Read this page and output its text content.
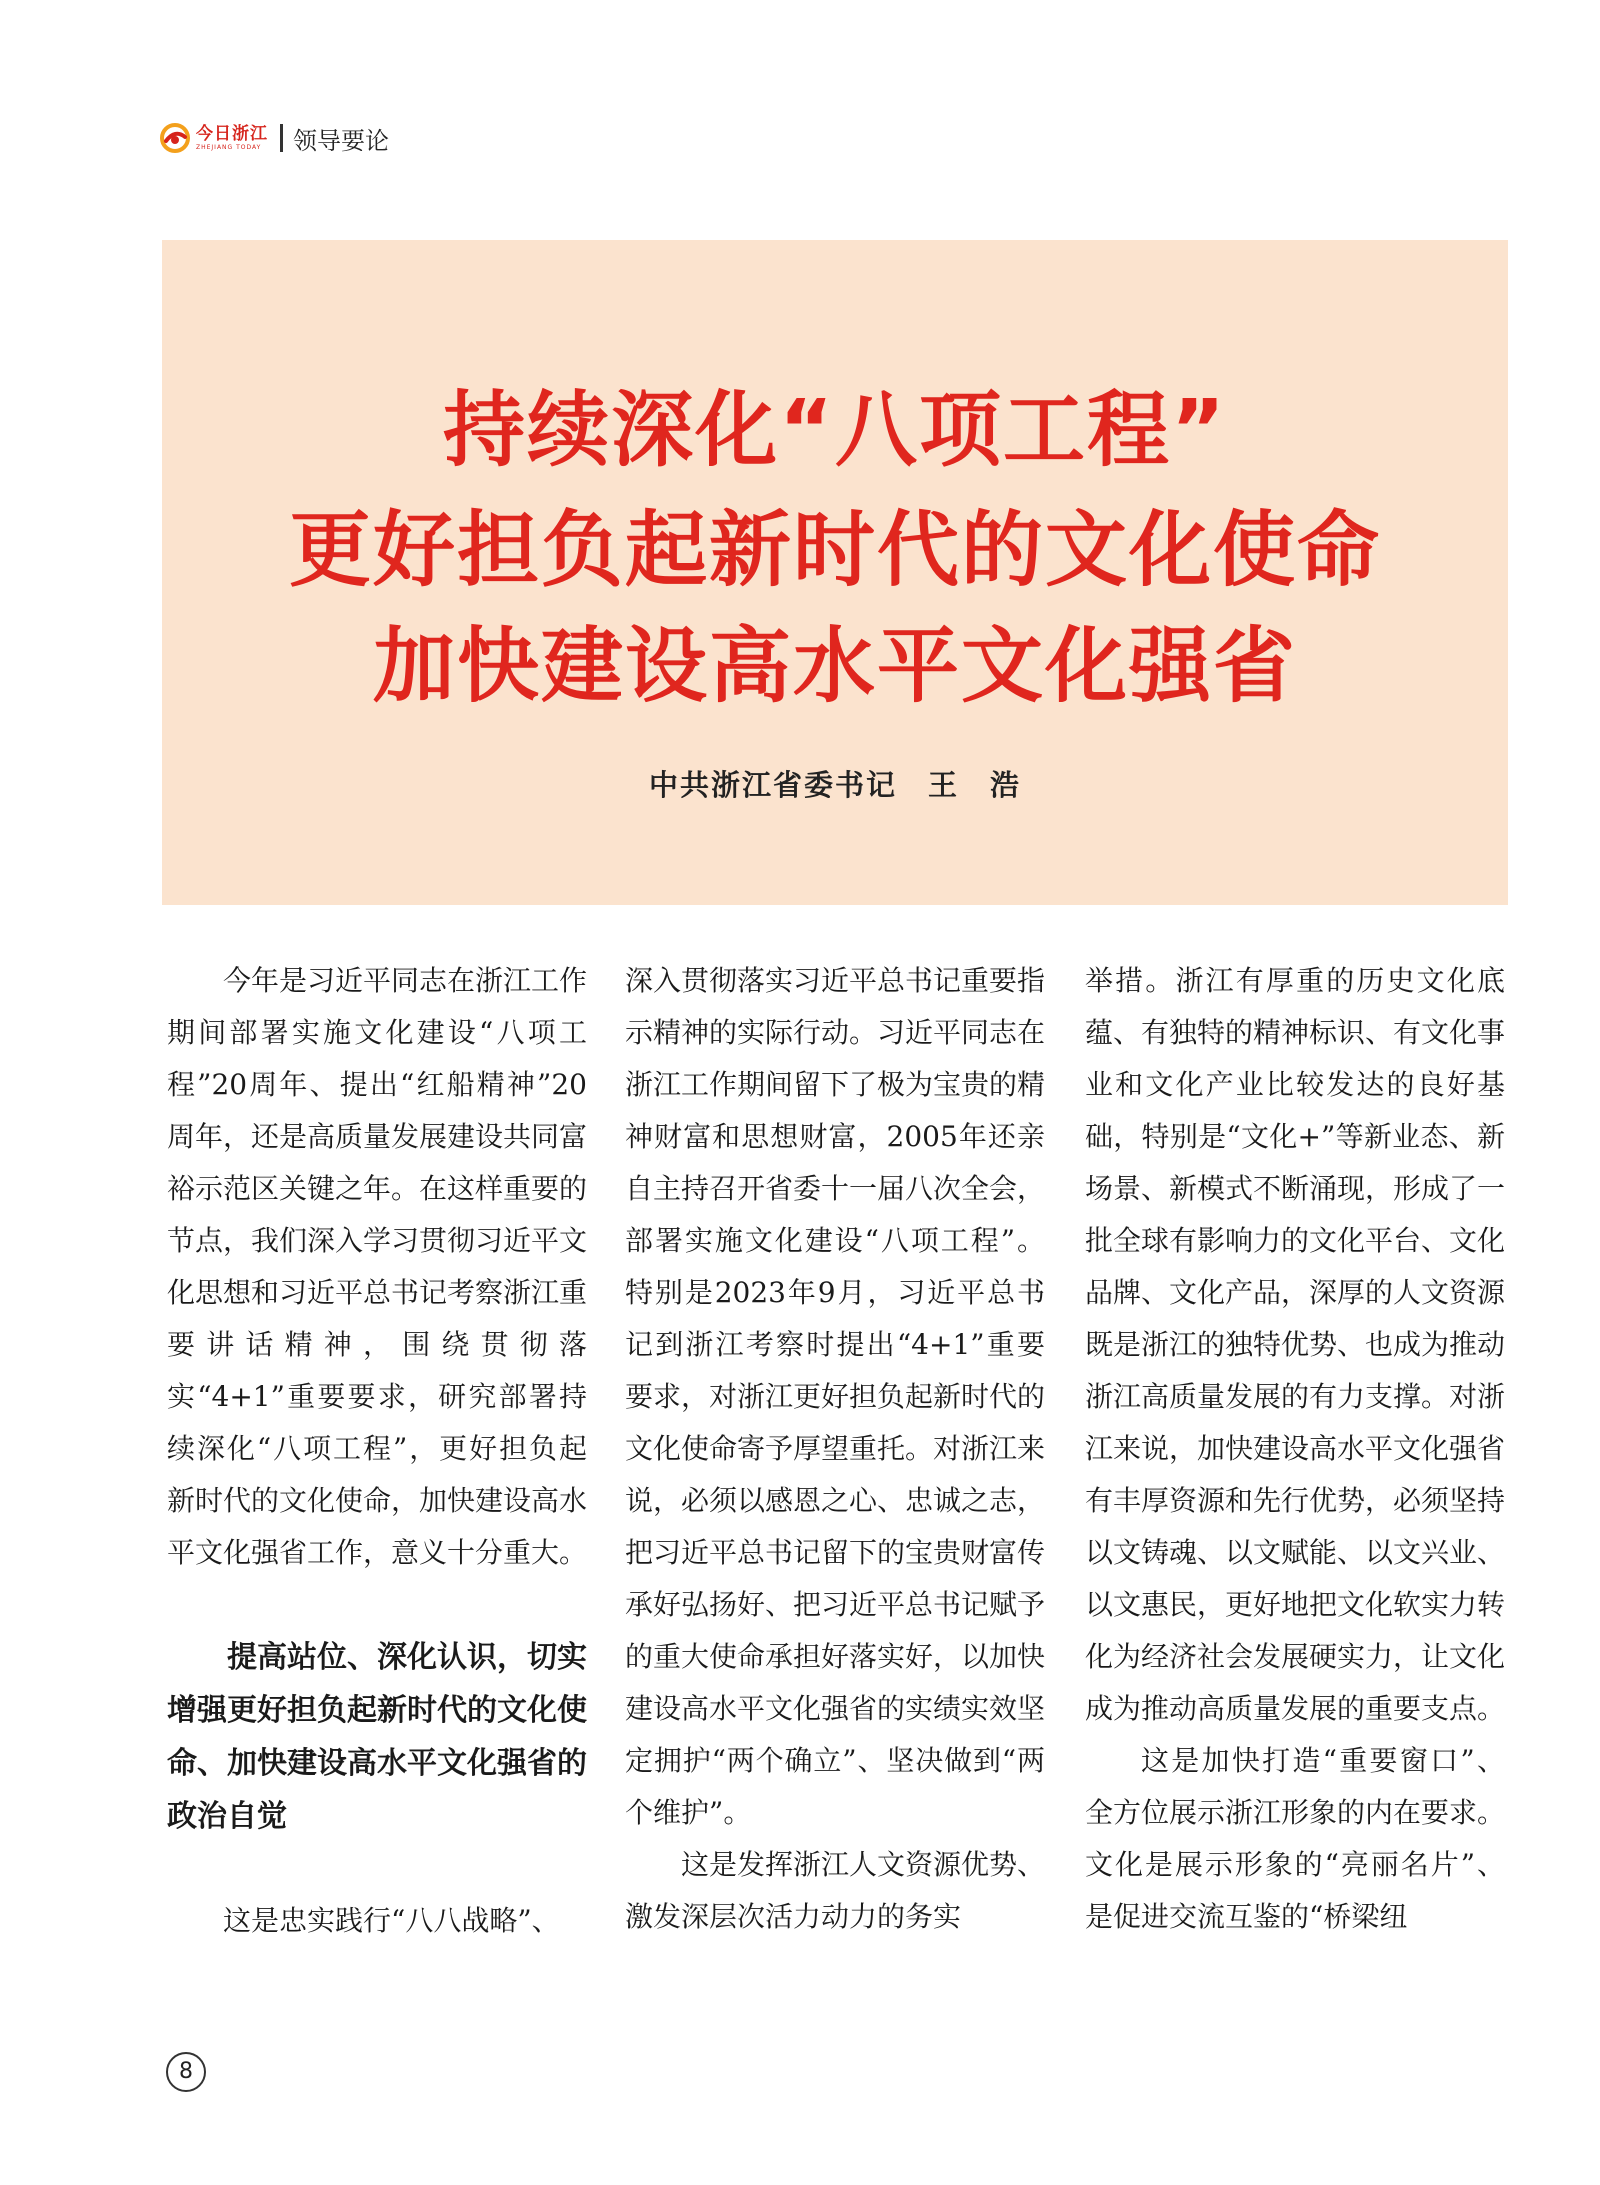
今日浙江
ZHEJIANG TODAY 领导要论
持续深化“八项工程”
更好担负起新时代的文化使命
加快建设高水平文化强省
中共浙江省委书记　王　浩

今年是习近平同志在浙江工作期间部署实施文化建设“八项工程”20周年、提出“红船精神”20周年，还是高质量发展建设共同富裕示范区关键之年。在这样重要的节点，我们深入学习贯彻习近平文化思想和习近平总书记考察浙江重要讲话精神，围绕贯彻落实“4+1”重要要求，研究部署持续深化“八项工程”，更好担负起新时代的文化使命，加快建设高水平文化强省工作，意义十分重大。

提高站位、深化认识，切实增强更好担负起新时代的文化使命、加快建设高水平文化强省的政治自觉

这是忠实践行“八八战略”、

深入贯彻落实习近平总书记重要指示精神的实际行动。习近平同志在浙江工作期间留下了极为宝贵的精神财富和思想财富，2005年还亲自主持召开省委十一届八次全会，部署实施文化建设“八项工程”。特别是2023年9月，习近平总书记到浙江考察时提出“4+1”重要要求，对浙江更好担负起新时代的文化使命寄予厚望重托。对浙江来说，必须以感恩之心、忠诚之志，把习近平总书记留下的宝贵财富传承好弘扬好、把习近平总书记赋予的重大使命承担好落实好，以加快建设高水平文化强省的实绩实效坚定拥护“两个确立”、坚决做到“两个维护”。

这是发挥浙江人文资源优势、激发深层次活力动力的务实

举措。浙江有厚重的历史文化底蕴、有独特的精神标识、有文化事业和文化产业比较发达的良好基础，特别是“文化+”等新业态、新场景、新模式不断涌现，形成了一批全球有影响力的文化平台、文化品牌、文化产品，深厚的人文资源既是浙江的独特优势、也成为推动浙江高质量发展的有力支撑。对浙江来说，加快建设高水平文化强省有丰厚资源和先行优势，必须坚持以文铸魂、以文赋能、以文兴业、以文惠民，更好地把文化软实力转化为经济社会发展硬实力，让文化成为推动高质量发展的重要支点。

这是加快打造“重要窗口”、全方位展示浙江形象的内在要求。文化是展示形象的“亮丽名片”、是促进交流互鉴的“桥梁纽

8
